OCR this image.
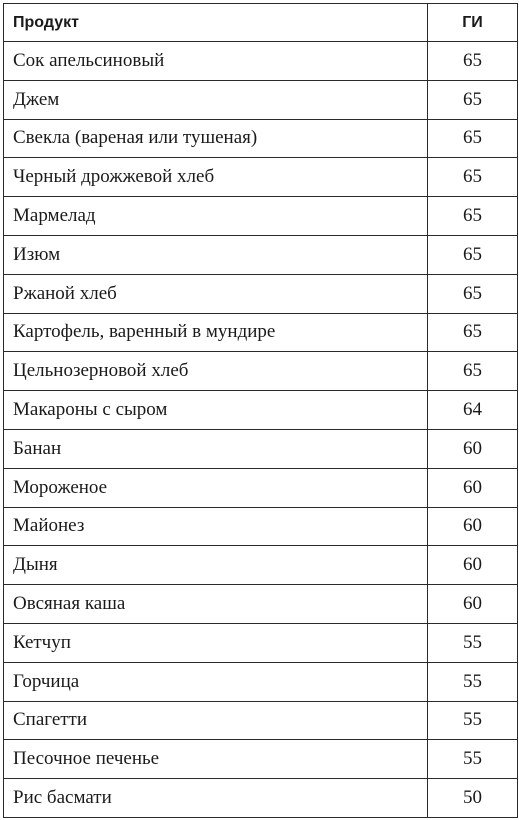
Продукт	ГИ
Сок апельсиновый	65
Джем	65
Свекла (вареная или тушеная)	65
Черный дрожжевой хлеб	65
Мармелад	65
Изюм	65
Ржаной хлеб	65
Картофель, варенный в мундире	65
Цельнозерновой хлеб	65
Макароны с сыром	64
Банан	60
Мороженое	60
Майонез	60
Дыня	60
Овсяная каша	60
Кетчуп	55
Горчица	55
Спагетти	55
Песочное печенье	55
Рис басмати	50
